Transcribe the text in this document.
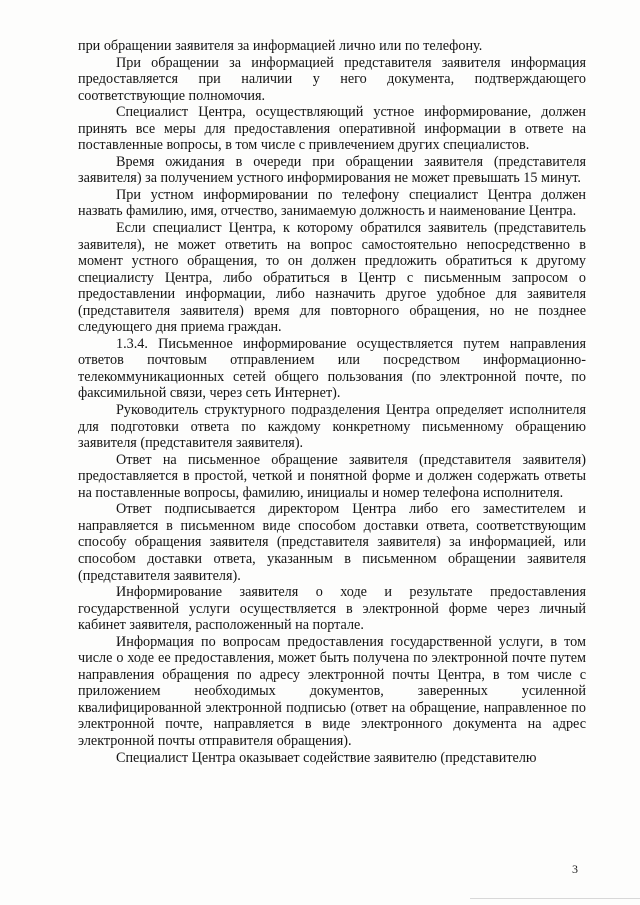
при обращении заявителя за информацией лично или по телефону.

При обращении за информацией представителя заявителя информация предоставляется при наличии у него документа, подтверждающего соответствующие полномочия.

Специалист Центра, осуществляющий устное информирование, должен принять все меры для предоставления оперативной информации в ответе на поставленные вопросы, в том числе с привлечением других специалистов.

Время ожидания в очереди при обращении заявителя (представителя заявителя) за получением устного информирования не может превышать 15 минут.

При устном информировании по телефону специалист Центра должен назвать фамилию, имя, отчество, занимаемую должность и наименование Центра.

Если специалист Центра, к которому обратился заявитель (представитель заявителя), не может ответить на вопрос самостоятельно непосредственно в момент устного обращения, то он должен предложить обратиться к другому специалисту Центра, либо обратиться в Центр с письменным запросом о предоставлении информации, либо назначить другое удобное для заявителя (представителя заявителя) время для повторного обращения, но не позднее следующего дня приема граждан.

1.3.4. Письменное информирование осуществляется путем направления ответов почтовым отправлением или посредством информационно-телекоммуникационных сетей общего пользования (по электронной почте, по факсимильной связи, через сеть Интернет).

Руководитель структурного подразделения Центра определяет исполнителя для подготовки ответа по каждому конкретному письменному обращению заявителя (представителя заявителя).

Ответ на письменное обращение заявителя (представителя заявителя) предоставляется в простой, четкой и понятной форме и должен содержать ответы на поставленные вопросы, фамилию, инициалы и номер телефона исполнителя.

Ответ подписывается директором Центра либо его заместителем и направляется в письменном виде способом доставки ответа, соответствующим способу обращения заявителя (представителя заявителя) за информацией, или способом доставки ответа, указанным в письменном обращении заявителя (представителя заявителя).

Информирование заявителя о ходе и результате предоставления государственной услуги осуществляется в электронной форме через личный кабинет заявителя, расположенный на портале.

Информация по вопросам предоставления государственной услуги, в том числе о ходе ее предоставления, может быть получена по электронной почте путем направления обращения по адресу электронной почты Центра, в том числе с приложением необходимых документов, заверенных усиленной квалифицированной электронной подписью (ответ на обращение, направленное по электронной почте, направляется в виде электронного документа на адрес электронной почты отправителя обращения).

Специалист Центра оказывает содействие заявителю (представителю

3
